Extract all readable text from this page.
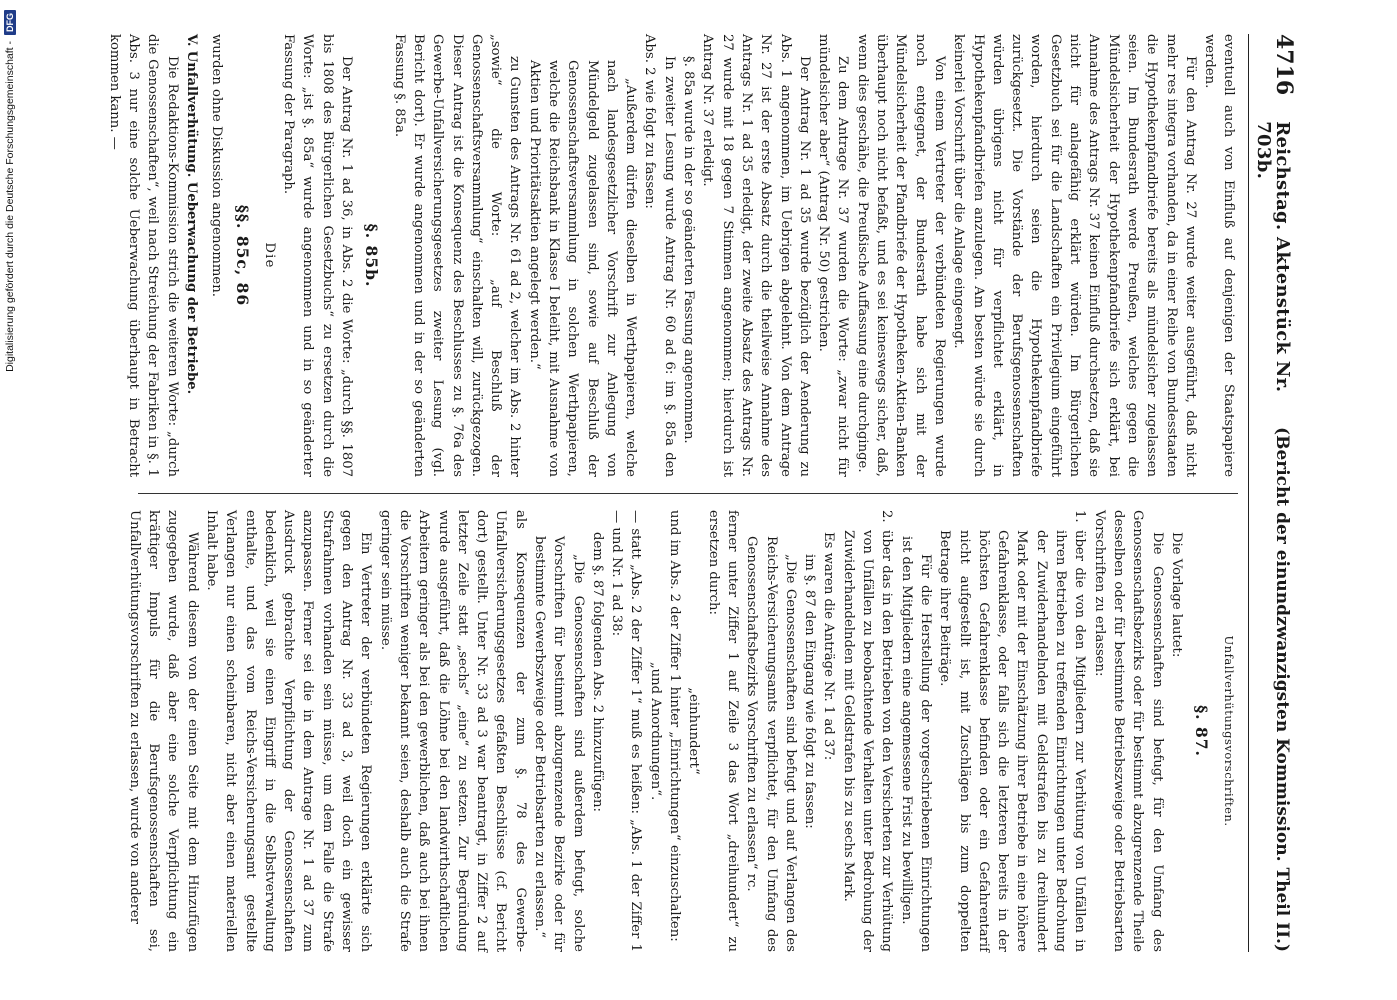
Digitalisierung gefördert durch die Deutsche Forschungsgemeinschaft -
DFG
4716
Reichstag. Aktenstück Nr. 703b.
(Bericht der einundzwanzigsten Kommission. Theil II.)

eventuell auch von Einfluß auf denjenigen der Staatspapiere werden.

Für den Antrag Nr. 27 wurde weiter ausgeführt, daß nicht mehr res integra vorhanden, da in einer Reihe von Bundesstaaten die Hypothekenpfandbriefe bereits als mündelsicher zugelassen seien. Im Bundesrath werde Preußen, welches gegen die Mündelsicherheit der Hypothekenpfandbriefe sich erklärt, bei Annahme des Antrags Nr. 37 keinen Einfluß durchsetzen, daß sie nicht für anlagefähig erklärt würden. Im Bürgerlichen Gesetzbuch sei für die Landschaften ein Privilegium eingeführt worden, hierdurch seien die Hypothekenpfandbriefe zurückgesetzt. Die Vorstände der Berufsgenossenschaften würden übrigens nicht für verpflichtet erklärt, in Hypothekenpfandbriefen anzulegen. Am besten würde sie durch keinerlei Vorschrift über die Anlage eingeengt.

Von einem Vertreter der verbündeten Regierungen wurde noch entgegnet, der Bundesrath habe sich mit der Mündelsicherheit der Pfandbriefe der Hypotheken-Aktien-Banken überhaupt noch nicht befaßt, und es sei keineswegs sicher, daß, wenn dies geschähe, die Preußische Auffassung eine durchginge.

Zu dem Antrage Nr. 37 wurden die Worte: „zwar nicht für mündelsicher aber“ (Antrag Nr. 50) gestrichen.

Der Antrag Nr. 1 ad 35 wurde bezüglich der Aenderung zu Abs. 1 angenommen, im Uebrigen abgelehnt. Von dem Antrage Nr. 27 ist der erste Absatz durch die theilweise Annahme des Antrags Nr. 1 ad 35 erledigt, der zweite Absatz des Antrags Nr. 27 wurde mit 18 gegen 7 Stimmen angenommen; hierdurch ist Antrag Nr. 37 erledigt.

§. 85a wurde in der so geänderten Fassung angenommen.

In zweiter Lesung wurde Antrag Nr. 60 ad 6: im §. 85a den Abs. 2 wie folgt zu fassen:

„Außerdem dürfen dieselben in Werthpapieren, welche nach landesgesetzlicher Vorschrift zur Anlegung von Mündelgeld zugelassen sind, sowie auf Beschluß der Genossenschaftsversammlung in solchen Werthpapieren, welche die Reichsbank in Klasse I beleiht, mit Ausnahme von Aktien und Prioritätsaktien angelegt werden.“

zu Gunsten des Antrags Nr. 61 ad 2, welcher im Abs. 2 hinter „sowie“ die Worte: „auf Beschluß der Genossenschaftsversammlung“ einschalten will, zurückgezogen. Dieser Antrag ist die Konsequenz des Beschlusses zu §. 76a des Gewerbe-Unfallversicherungsgesetzes zweiter Lesung (vgl. Bericht dort). Er wurde angenommen und in der so geänderten Fassung §. 85a.

§. 85b.

Der Antrag Nr. 1 ad 36, in Abs. 2 die Worte: „durch §§. 1807 bis 1808 des Bürgerlichen Gesetzbuchs“ zu ersetzen durch die Worte: „ist §. 85a“ wurde angenommen und in so geänderter Fassung der Paragraph.

Die

§§. 85c, 86

wurden ohne Diskussion angenommen.

V. Unfallverhütung. Ueberwachung der Betriebe.

Die Redaktions-Kommission strich die weiteren Worte: „durch die Genossenschaften“, weil nach Streichung der Fabriken in §. 1 Abs. 3 nur eine solche Ueberwachung überhaupt in Betracht kommen kann. —

Unfallverhütungsvorschriften.
§. 87.

Die Vorlage lautet:

Die Genossenschaften sind befugt, für den Umfang des Genossenschaftsbezirks oder für bestimmt abzugrenzende Theile desselben oder für bestimmte Betriebszweige oder Betriebsarten Vorschriften zu erlassen:

1.
über die von den Mitgliedern zur Verhütung von Unfällen in ihren Betrieben zu treffenden Einrichtungen unter Bedrohung der Zuwiderhandelnden mit Geldstrafen bis zu dreihundert Mark oder mit der Einschätzung ihrer Betriebe in eine höhere Gefahrenklasse, oder falls sich die letzteren bereits in der höchsten Gefahrenklasse befinden oder ein Gefahrentarif nicht aufgestellt ist, mit Zuschlägen bis zum doppelten Betrage ihrer Beiträge.

Für die Herstellung der vorgeschriebenen Einrichtungen ist den Mitgliedern eine angemessene Frist zu bewilligen.

2.
über das in den Betrieben von den Versicherten zur Verhütung von Unfällen zu beobachtende Verhalten unter Bedrohung der Zuwiderhandelnden mit Geldstrafen bis zu sechs Mark.

Es waren die Anträge Nr. 1 ad 37:

im §. 87 den Eingang wie folgt zu fassen:

„Die Genossenschaften sind befugt und auf Verlangen des Reichs-Versicherungsamts verpflichtet, für den Umfang des Genossenschaftsbezirks Vorschriften zu erlassen“ rc.

ferner unter Ziffer 1 auf Zeile 3 das Wort „dreihundert“ zu ersetzen durch:

„einhundert“

und im Abs. 2 der Ziffer 1 hinter „Einrichtungen“ einzuschalten:

„und Anordnungen“.

— statt „Abs. 2 der Ziffer 1“ muß es heißen: „Abs. 1 der Ziffer 1 — und Nr. 1 ad 38:

dem §. 87 folgenden Abs. 2 hinzuzufügen:

„Die Genossenschaften sind außerdem befugt, solche Vorschriften für bestimmt abzugrenzende Bezirke oder für bestimmte Gewerbszweige oder Betriebsarten zu erlassen.“

als Konsequenzen der zum §. 78 des Gewerbe-Unfallversicherungsgesetzes gefaßten Beschlüsse (cf. Bericht dort) gestellt. Unter Nr. 33 ad 3 war beantragt, in Ziffer 2 auf letzter Zeile statt „sechs“ „eine“ zu setzen. Zur Begründung wurde ausgeführt, daß die Löhne bei den landwirthschaftlichen Arbeitern geringer als bei den gewerblichen, daß auch bei ihnen die Vorschriften weniger bekannt seien, deshalb auch die Strafe geringer sein müsse.

Ein Vertreter der verbündeten Regierungen erklärte sich gegen den Antrag Nr. 33 ad 3, weil doch ein gewisser Strafrahmen vorhanden sein müsse, um dem Falle die Strafe anzupassen. Ferner sei die in dem Antrage Nr. 1 ad 37 zum Ausdruck gebrachte Verpflichtung der Genossenschaften bedenklich, weil sie einen Eingriff in die Selbstverwaltung enthalte, und das vom Reichs-Versicherungsamt gestellte Verlangen nur einen scheinbaren, nicht aber einen materiellen Inhalt habe.

Während diesem von der einen Seite mit dem Hinzufügen zugegeben wurde, daß aber eine solche Verpflichtung ein kräftiger Impuls für die Berufsgenossenschaften sei, Unfallverhütungsvorschriften zu erlassen, wurde von anderer
